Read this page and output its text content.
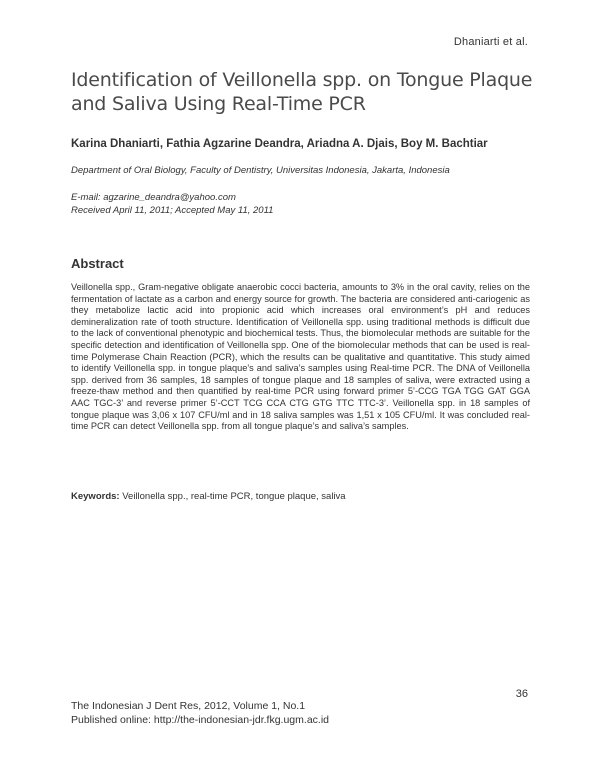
Dhaniarti et al.
Identification of Veillonella spp. on Tongue Plaque and Saliva Using Real-Time PCR

Karina Dhaniarti, Fathia Agzarine Deandra, Ariadna A. Djais, Boy M. Bachtiar

Department of Oral Biology, Faculty of Dentistry, Universitas Indonesia, Jakarta, Indonesia

E-mail: agzarine_deandra@yahoo.com

Received April 11, 2011; Accepted May 11, 2011

Abstract

Veillonella spp., Gram-negative obligate anaerobic cocci bacteria, amounts to 3% in the oral cavity, relies on the fermentation of lactate as a carbon and energy source for growth. The bacteria are considered anti-cariogenic as they metabolize lactic acid into propionic acid which increases oral environment’s pH and reduces demineralization rate of tooth structure. Identification of Veillonella spp. using traditional methods is difficult due to the lack of conventional phenotypic and biochemical tests. Thus, the biomolecular methods are suitable for the specific detection and identification of Veillonella spp. One of the biomolecular methods that can be used is real-time Polymerase Chain Reaction (PCR), which the results can be qualitative and quantitative. This study aimed to identify Veillonella spp. in tongue plaque’s and saliva’s samples using Real-time PCR. The DNA of Veillonella spp. derived from 36 samples, 18 samples of tongue plaque and 18 samples of saliva, were extracted using a freeze-thaw method and then quantified by real-time PCR using forward primer 5’-CCG TGA TGG GAT GGA AAC TGC-3’ and reverse primer 5’-CCT TCG CCA CTG GTG TTC TTC-3’. Veillonella spp. in 18 samples of tongue plaque was 3,06 x 107 CFU/ml and in 18 saliva samples was 1,51 x 105 CFU/ml. It was concluded real-time PCR can detect Veillonella spp. from all tongue plaque’s and saliva’s samples.

Keywords: Veillonella spp., real-time PCR, tongue plaque, saliva

36
The Indonesian J Dent Res, 2012, Volume 1, No.1
Published online: http://the-indonesian-jdr.fkg.ugm.ac.id
